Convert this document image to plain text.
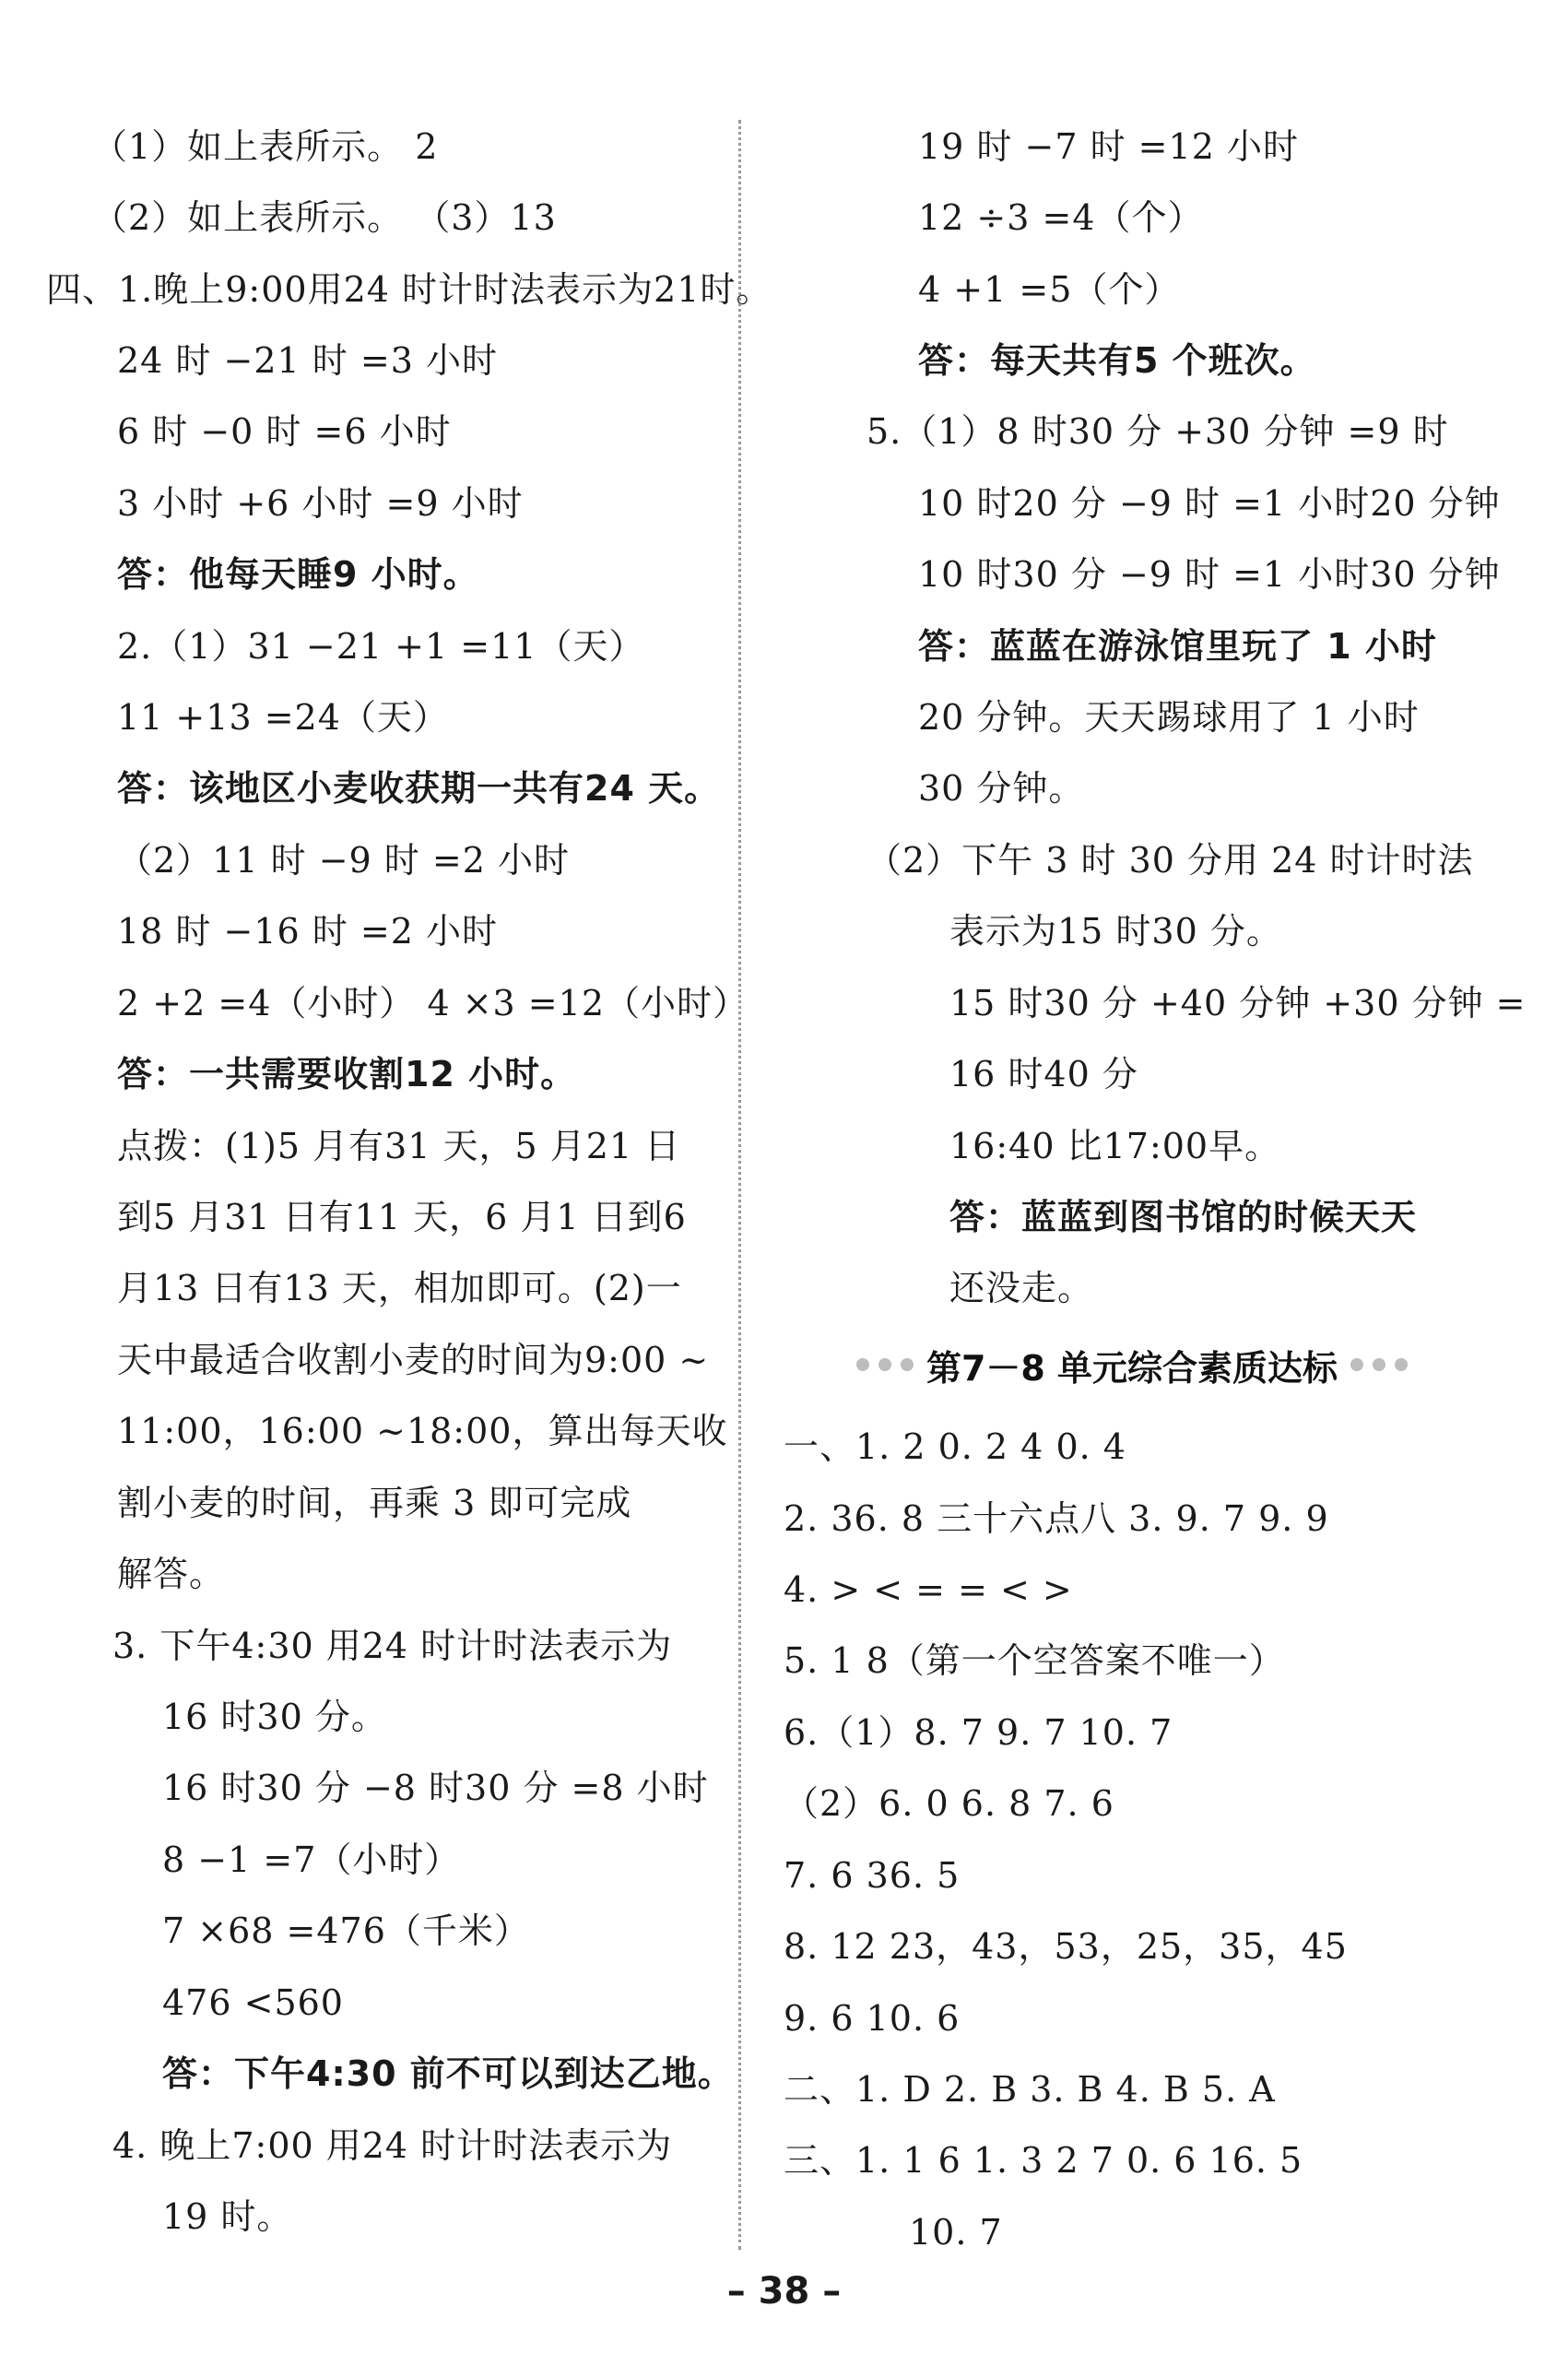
（1）如上表所示。 2
（2）如上表所示。 （3）13
四、1.晚上9:00用24 时计时法表示为21时。
24 时 −21 时 =3 小时
6 时 −0 时 =6 小时
3 小时 +6 小时 =9 小时
答：他每天睡9 小时。
2.（1）31 −21 +1 =11（天）
11 +13 =24（天）
答：该地区小麦收获期一共有24 天。
（2）11 时 −9 时 =2 小时
18 时 −16 时 =2 小时
2 +2 =4（小时） 4 ×3 =12（小时）
答：一共需要收割12 小时。
点拨：(1)5 月有31 天，5 月21 日
到5 月31 日有11 天，6 月1 日到6
月13 日有13 天，相加即可。(2)一
天中最适合收割小麦的时间为9:00 ~
11:00，16:00 ~18:00，算出每天收
割小麦的时间，再乘 3 即可完成
解答。
3. 下午4:30 用24 时计时法表示为
16 时30 分。
16 时30 分 −8 时30 分 =8 小时
8 −1 =7（小时）
7 ×68 =476（千米）
476 <560
答：下午4:30 前不可以到达乙地。
4. 晚上7:00 用24 时计时法表示为
19 时。
19 时 −7 时 =12 小时
12 ÷3 =4（个）
4 +1 =5（个）
答：每天共有5 个班次。
5.（1）8 时30 分 +30 分钟 =9 时
10 时20 分 −9 时 =1 小时20 分钟
10 时30 分 −9 时 =1 小时30 分钟
答：蓝蓝在游泳馆里玩了 1 小时
20 分钟。天天踢球用了 1 小时
30 分钟。
（2）下午 3 时 30 分用 24 时计时法
表示为15 时30 分。
15 时30 分 +40 分钟 +30 分钟 =
16 时40 分
16:40 比17:00早。
答：蓝蓝到图书馆的时候天天
还没走。
第7－8 单元综合素质达标
一、1. 2 0. 2 4 0. 4
2. 36. 8 三十六点八 3. 9. 7 9. 9
4. > < = = < >
5. 1 8（第一个空答案不唯一）
6.（1）8. 7 9. 7 10. 7
（2）6. 0 6. 8 7. 6
7. 6 36. 5
8. 12 23，43，53，25，35，45
9. 6 10. 6
二、1. D 2. B 3. B 4. B 5. A
三、1. 1 6 1. 3 2 7 0. 6 16. 5
10. 7
– 38 –
